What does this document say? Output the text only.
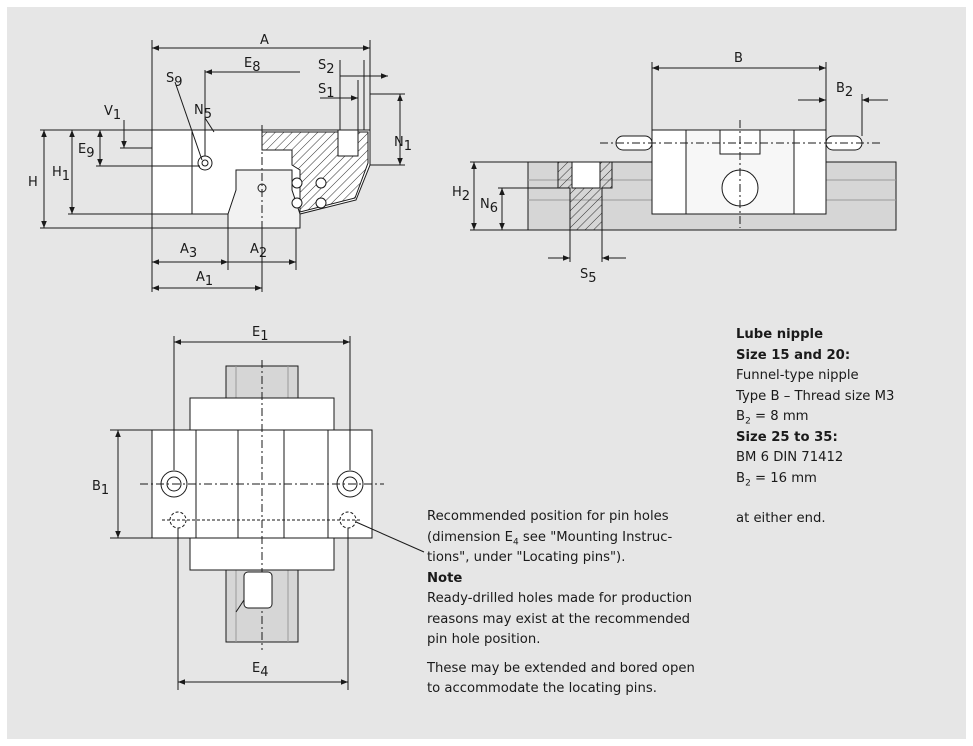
A
E8	S2
S1
S9
V1	N5
N1
E9
H
H1
A3	A2
A1
B
B2
H2
N6
S5
E1
B1
E4
Lube nipple
Size 15 and 20:
Funnel-type nipple
Type B – Thread size M3
$B_2 = 8$ mm
Size 25 to 35:
BM 6 DIN 71412
$B_2 = 16$ mm
at either end.
Recommended position for pin holes
(dimension $E_4$ see "Mounting Instruc-
tions", under "Locating pins").
Note
Ready-drilled holes made for production
reasons may exist at the recommended
pin hole position.
These may be extended and bored open
to accommodate the locating pins.
